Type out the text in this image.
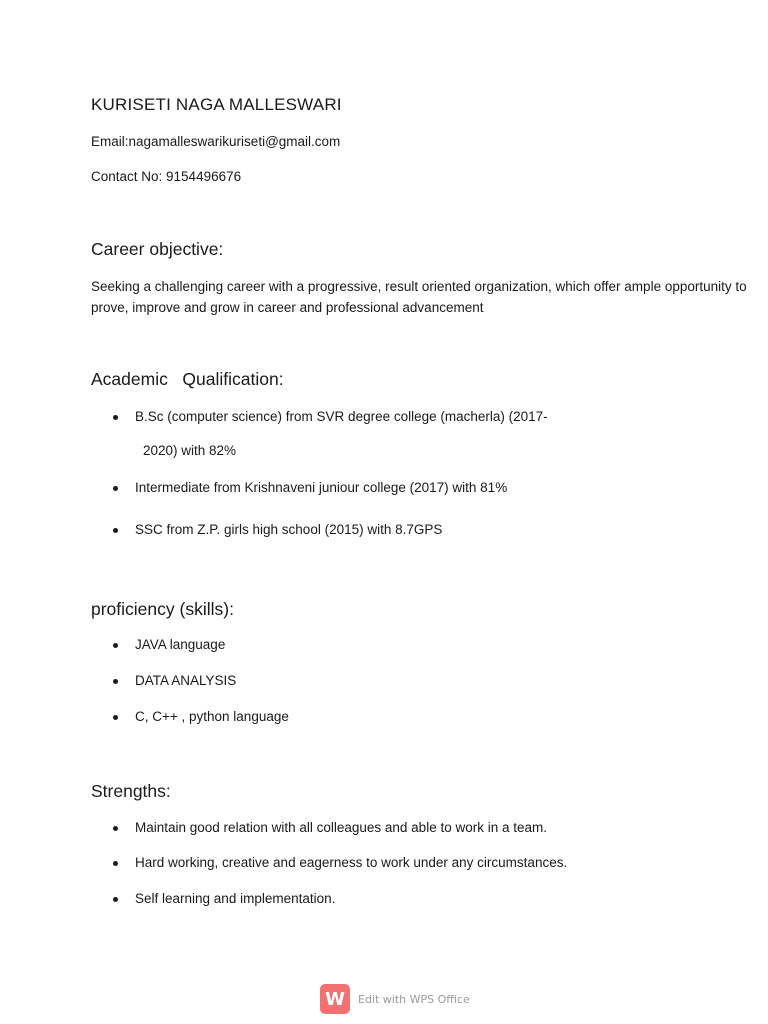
KURISETI NAGA MALLESWARI
Email:nagamalleswarikuriseti@gmail.com
Contact No: 9154496676
Career objective:
Seeking a challenging career with a progressive, result oriented organization, which offer ample opportunity to prove, improve and grow in career and professional advancement
Academic   Qualification:
B.Sc (computer science) from SVR degree college (macherla) (2017-
2020) with 82%
Intermediate from Krishnaveni juniour college (2017) with 81%
SSC from Z.P. girls high school (2015) with 8.7GPS
proficiency (skills):
JAVA language
DATA ANALYSIS
C, C++ , python language
Strengths:
Maintain good relation with all colleagues and able to work in a team.
Hard working, creative and eagerness to work under any circumstances.
Self learning and implementation.
W	Edit with WPS Office
